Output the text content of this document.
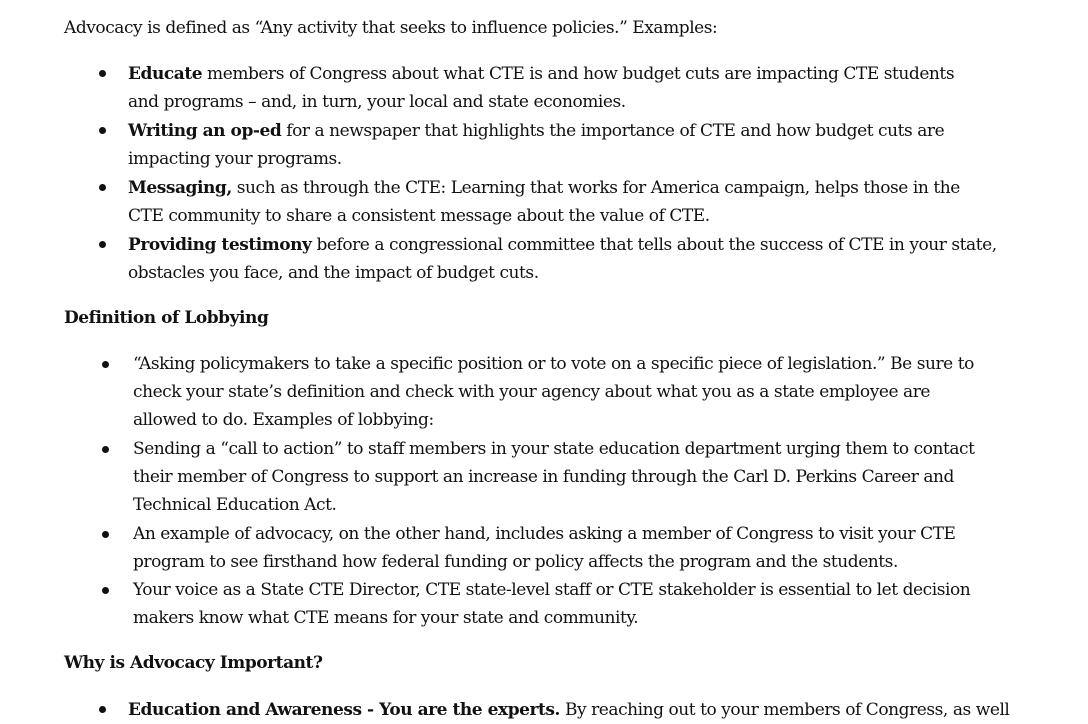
Advocacy is defined as “Any activity that seeks to influence policies.” Examples:
Educate members of Congress about what CTE is and how budget cuts are impacting CTE students
and programs – and, in turn, your local and state economies.
Writing an op-ed for a newspaper that highlights the importance of CTE and how budget cuts are
impacting your programs.
Messaging, such as through the CTE: Learning that works for America campaign, helps those in the
CTE community to share a consistent message about the value of CTE.
Providing testimony before a congressional committee that tells about the success of CTE in your state,
obstacles you face, and the impact of budget cuts.
Definition of Lobbying
“Asking policymakers to take a specific position or to vote on a specific piece of legislation.” Be sure to
check your state’s definition and check with your agency about what you as a state employee are
allowed to do. Examples of lobbying:
Sending a “call to action” to staff members in your state education department urging them to contact
their member of Congress to support an increase in funding through the Carl D. Perkins Career and
Technical Education Act.
An example of advocacy, on the other hand, includes asking a member of Congress to visit your CTE
program to see firsthand how federal funding or policy affects the program and the students.
Your voice as a State CTE Director, CTE state-level staff or CTE stakeholder is essential to let decision
makers know what CTE means for your state and community.
Why is Advocacy Important?
Education and Awareness - You are the experts. By reaching out to your members of Congress, as well
